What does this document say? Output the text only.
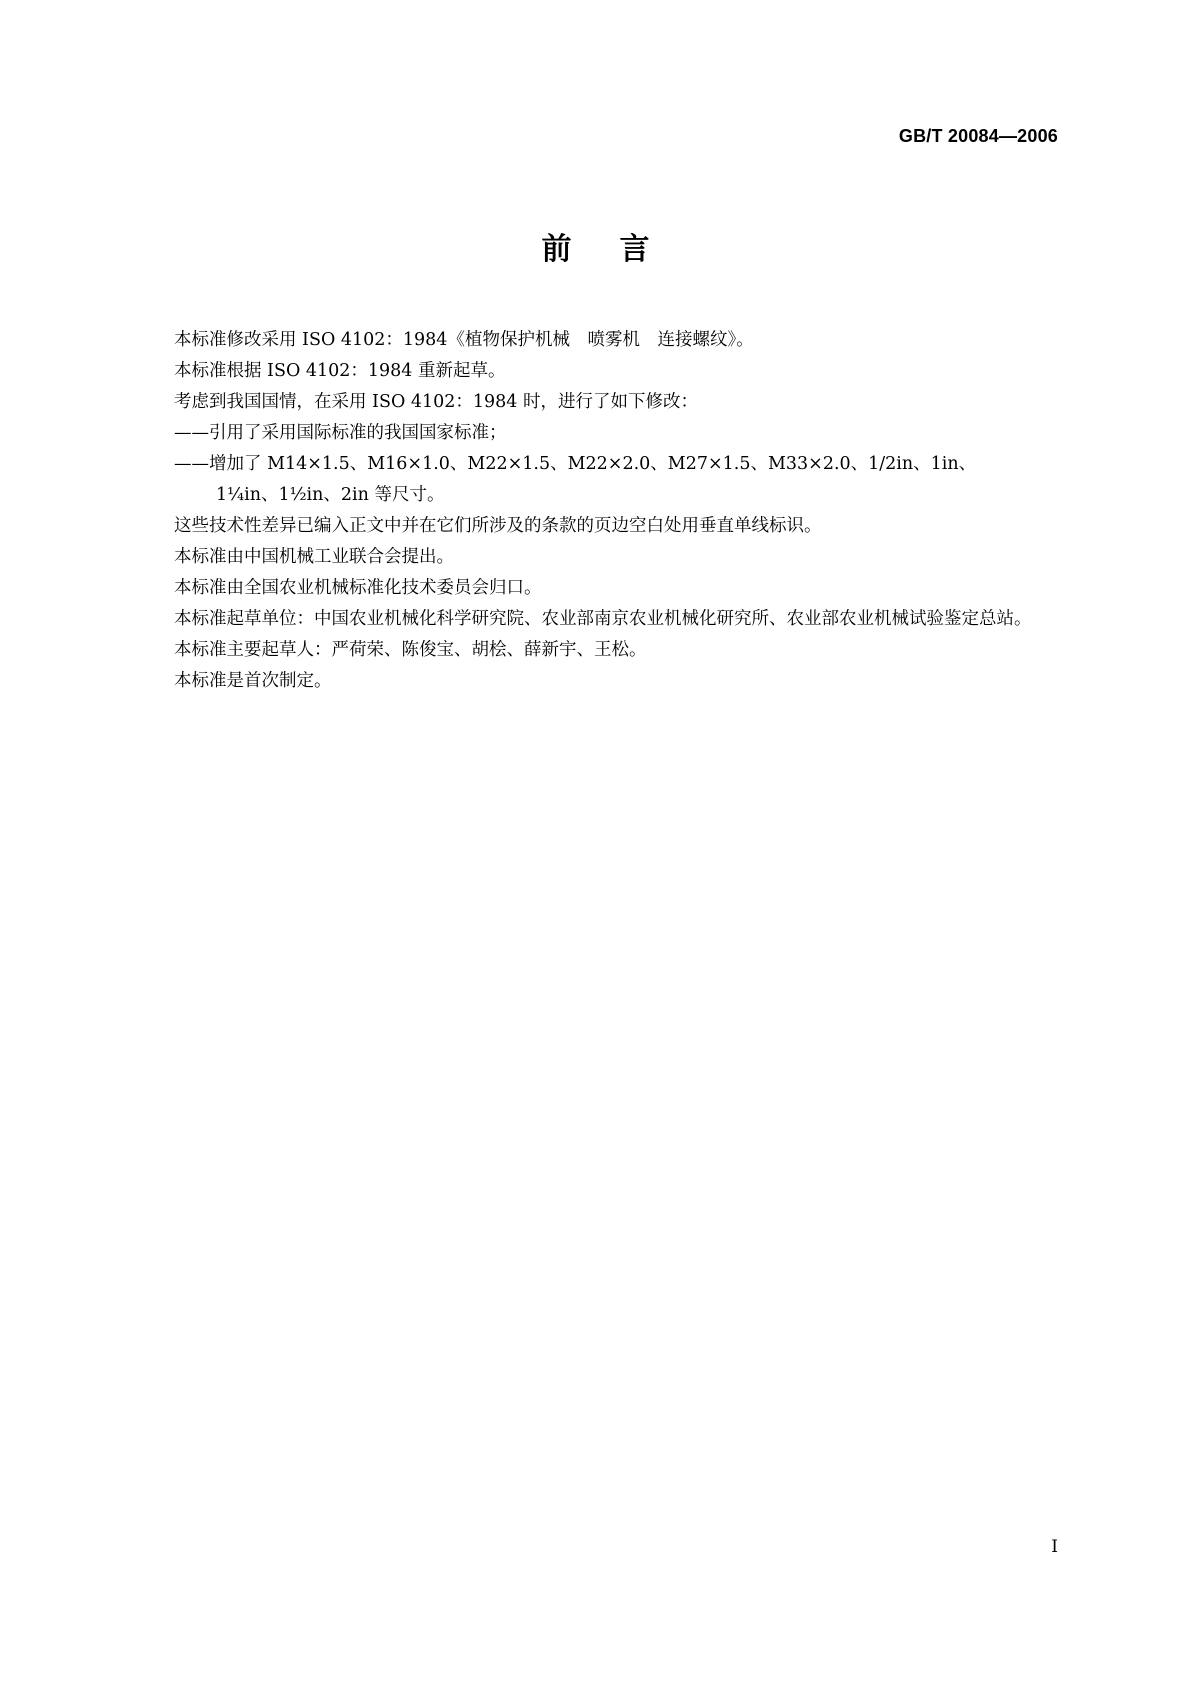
GB/T 20084—2006
前言

本标准修改采用 ISO 4102：1984《植物保护机械　喷雾机　连接螺纹》。

本标准根据 ISO 4102：1984 重新起草。

考虑到我国国情，在采用 ISO 4102：1984 时，进行了如下修改：

——引用了采用国际标准的我国国家标准；

——增加了 M14×1.5、M16×1.0、M22×1.5、M22×2.0、M27×1.5、M33×2.0、1/2in、1in、

1¼in、1½in、2in 等尺寸。

这些技术性差异已编入正文中并在它们所涉及的条款的页边空白处用垂直单线标识。

本标准由中国机械工业联合会提出。

本标准由全国农业机械标准化技术委员会归口。

本标准起草单位：中国农业机械化科学研究院、农业部南京农业机械化研究所、农业部农业机械试验鉴定总站。

本标准主要起草人：严荷荣、陈俊宝、胡桧、薛新宇、王松。

本标准是首次制定。

I
